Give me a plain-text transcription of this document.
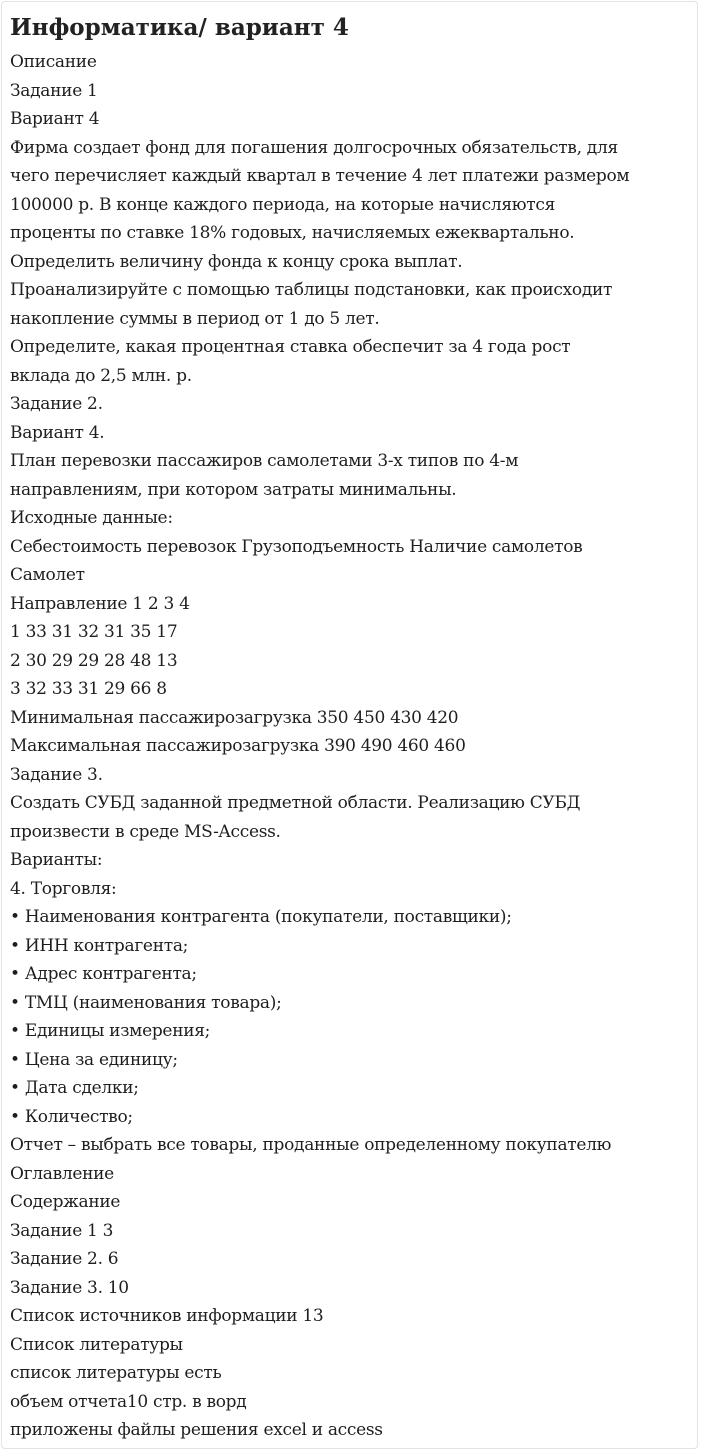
Информатика/ вариант 4
Описание
Задание 1
Вариант 4
Фирма создает фонд для погашения долгосрочных обязательств, для
чего перечисляет каждый квартал в течение 4 лет платежи размером
100000 р. В конце каждого периода, на которые начисляются
проценты по ставке 18% годовых, начисляемых ежеквартально.
Определить величину фонда к концу срока выплат.
Проанализируйте с помощью таблицы подстановки, как происходит
накопление суммы в период от 1 до 5 лет.
Определите, какая процентная ставка обеспечит за 4 года рост
вклада до 2,5 млн. р.
Задание 2.
Вариант 4.
План перевозки пассажиров самолетами 3-х типов по 4-м
направлениям, при котором затраты минимальны.
Исходные данные:
Себестоимость перевозок Грузоподъемность Наличие самолетов
Самолет
Направление 1 2 3 4
1 33 31 32 31 35 17
2 30 29 29 28 48 13
3 32 33 31 29 66 8
Минимальная пассажирозагрузка 350 450 430 420
Максимальная пассажирозагрузка 390 490 460 460
Задание 3.
Создать СУБД заданной предметной области. Реализацию СУБД
произвести в среде MS-Access.
Варианты:
4. Торговля:
• Наименования контрагента (покупатели, поставщики);
• ИНН контрагента;
• Адрес контрагента;
• ТМЦ (наименования товара);
• Единицы измерения;
• Цена за единицу;
• Дата сделки;
• Количество;
Отчет – выбрать все товары, проданные определенному покупателю
Оглавление
Содержание
Задание 1 3
Задание 2. 6
Задание 3. 10
Список источников информации 13
Список литературы
список литературы есть
объем отчета10 стр. в ворд
приложены файлы решения excel и access
